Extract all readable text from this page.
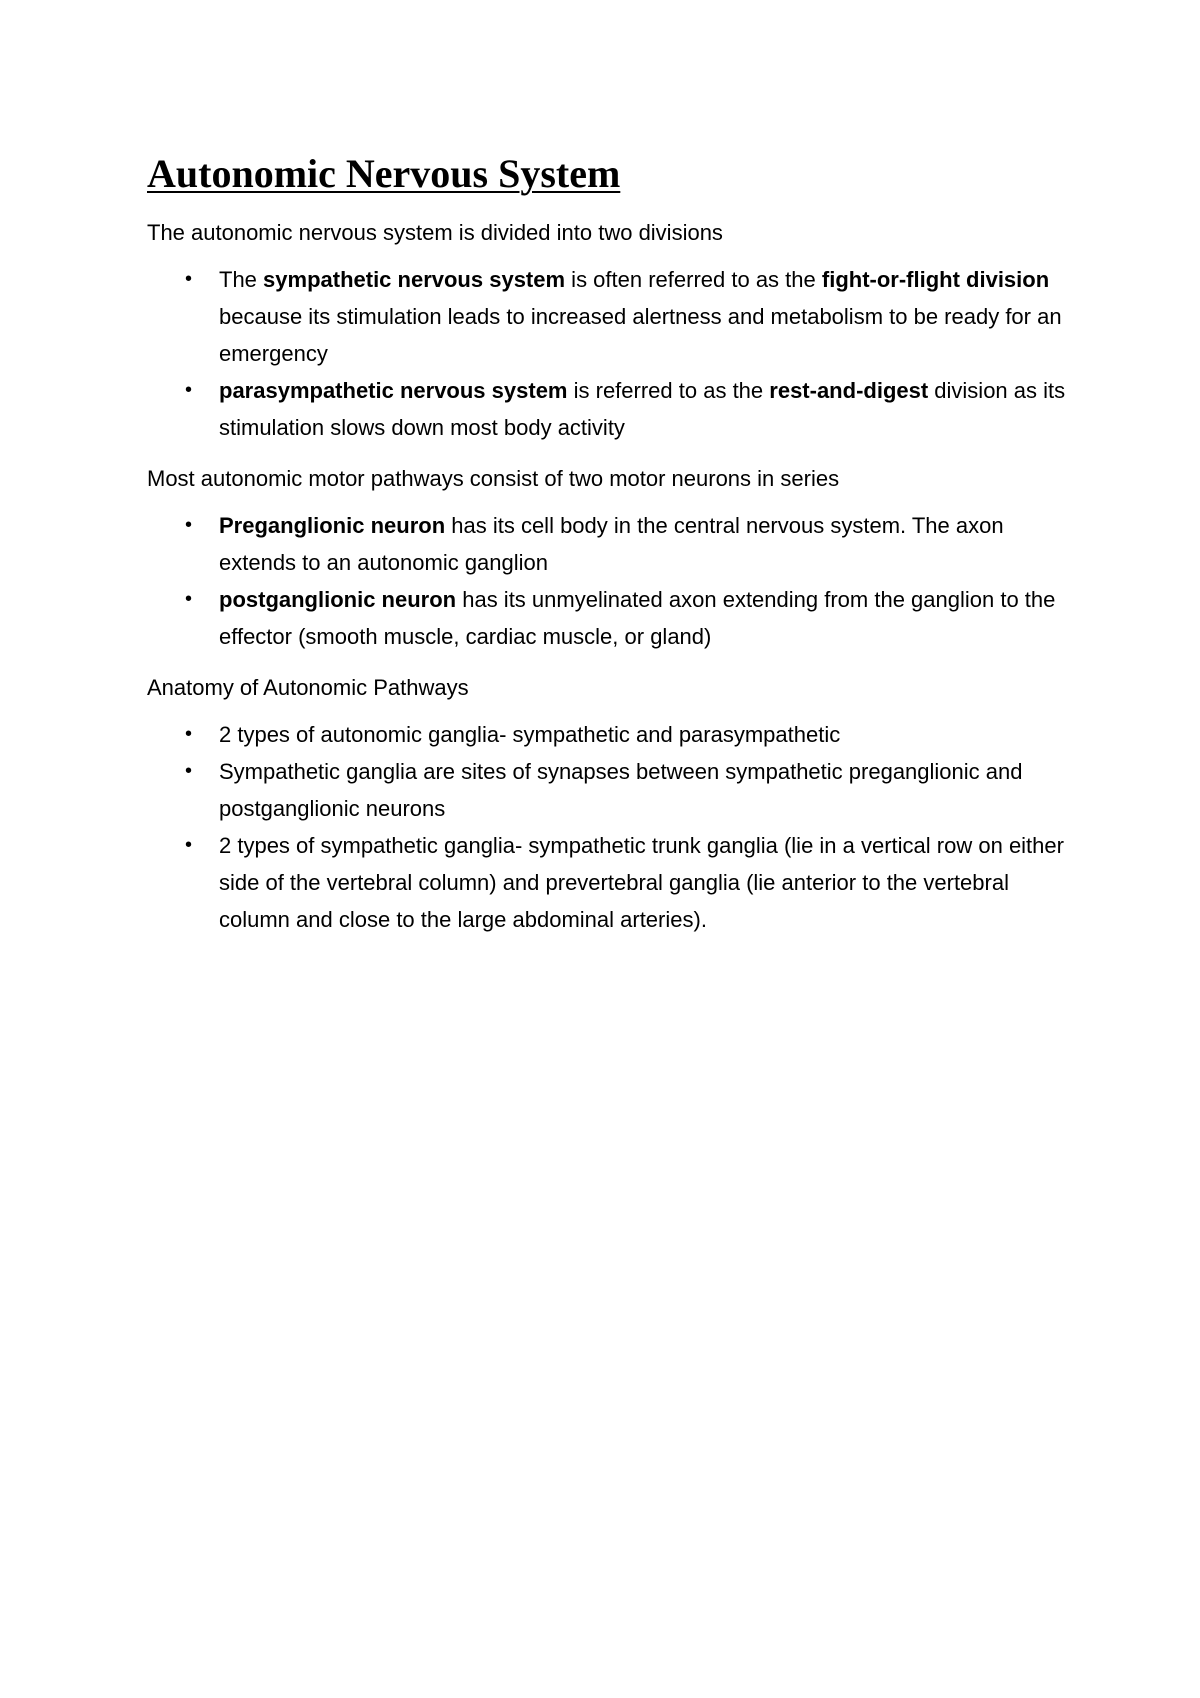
Autonomic Nervous System

The autonomic nervous system is divided into two divisions

• The sympathetic nervous system is often referred to as the fight-or-flight division because its stimulation leads to increased alertness and metabolism to be ready for an emergency
• parasympathetic nervous system is referred to as the rest-and-digest division as its stimulation slows down most body activity

Most autonomic motor pathways consist of two motor neurons in series

• Preganglionic neuron has its cell body in the central nervous system. The axon extends to an autonomic ganglion
• postganglionic neuron has its unmyelinated axon extending from the ganglion to the effector (smooth muscle, cardiac muscle, or gland)

Anatomy of Autonomic Pathways

• 2 types of autonomic ganglia- sympathetic and parasympathetic
• Sympathetic ganglia are sites of synapses between sympathetic preganglionic and postganglionic neurons
• 2 types of sympathetic ganglia- sympathetic trunk ganglia (lie in a vertical row on either side of the vertebral column) and prevertebral ganglia (lie anterior to the vertebral column and close to the large abdominal arteries).
